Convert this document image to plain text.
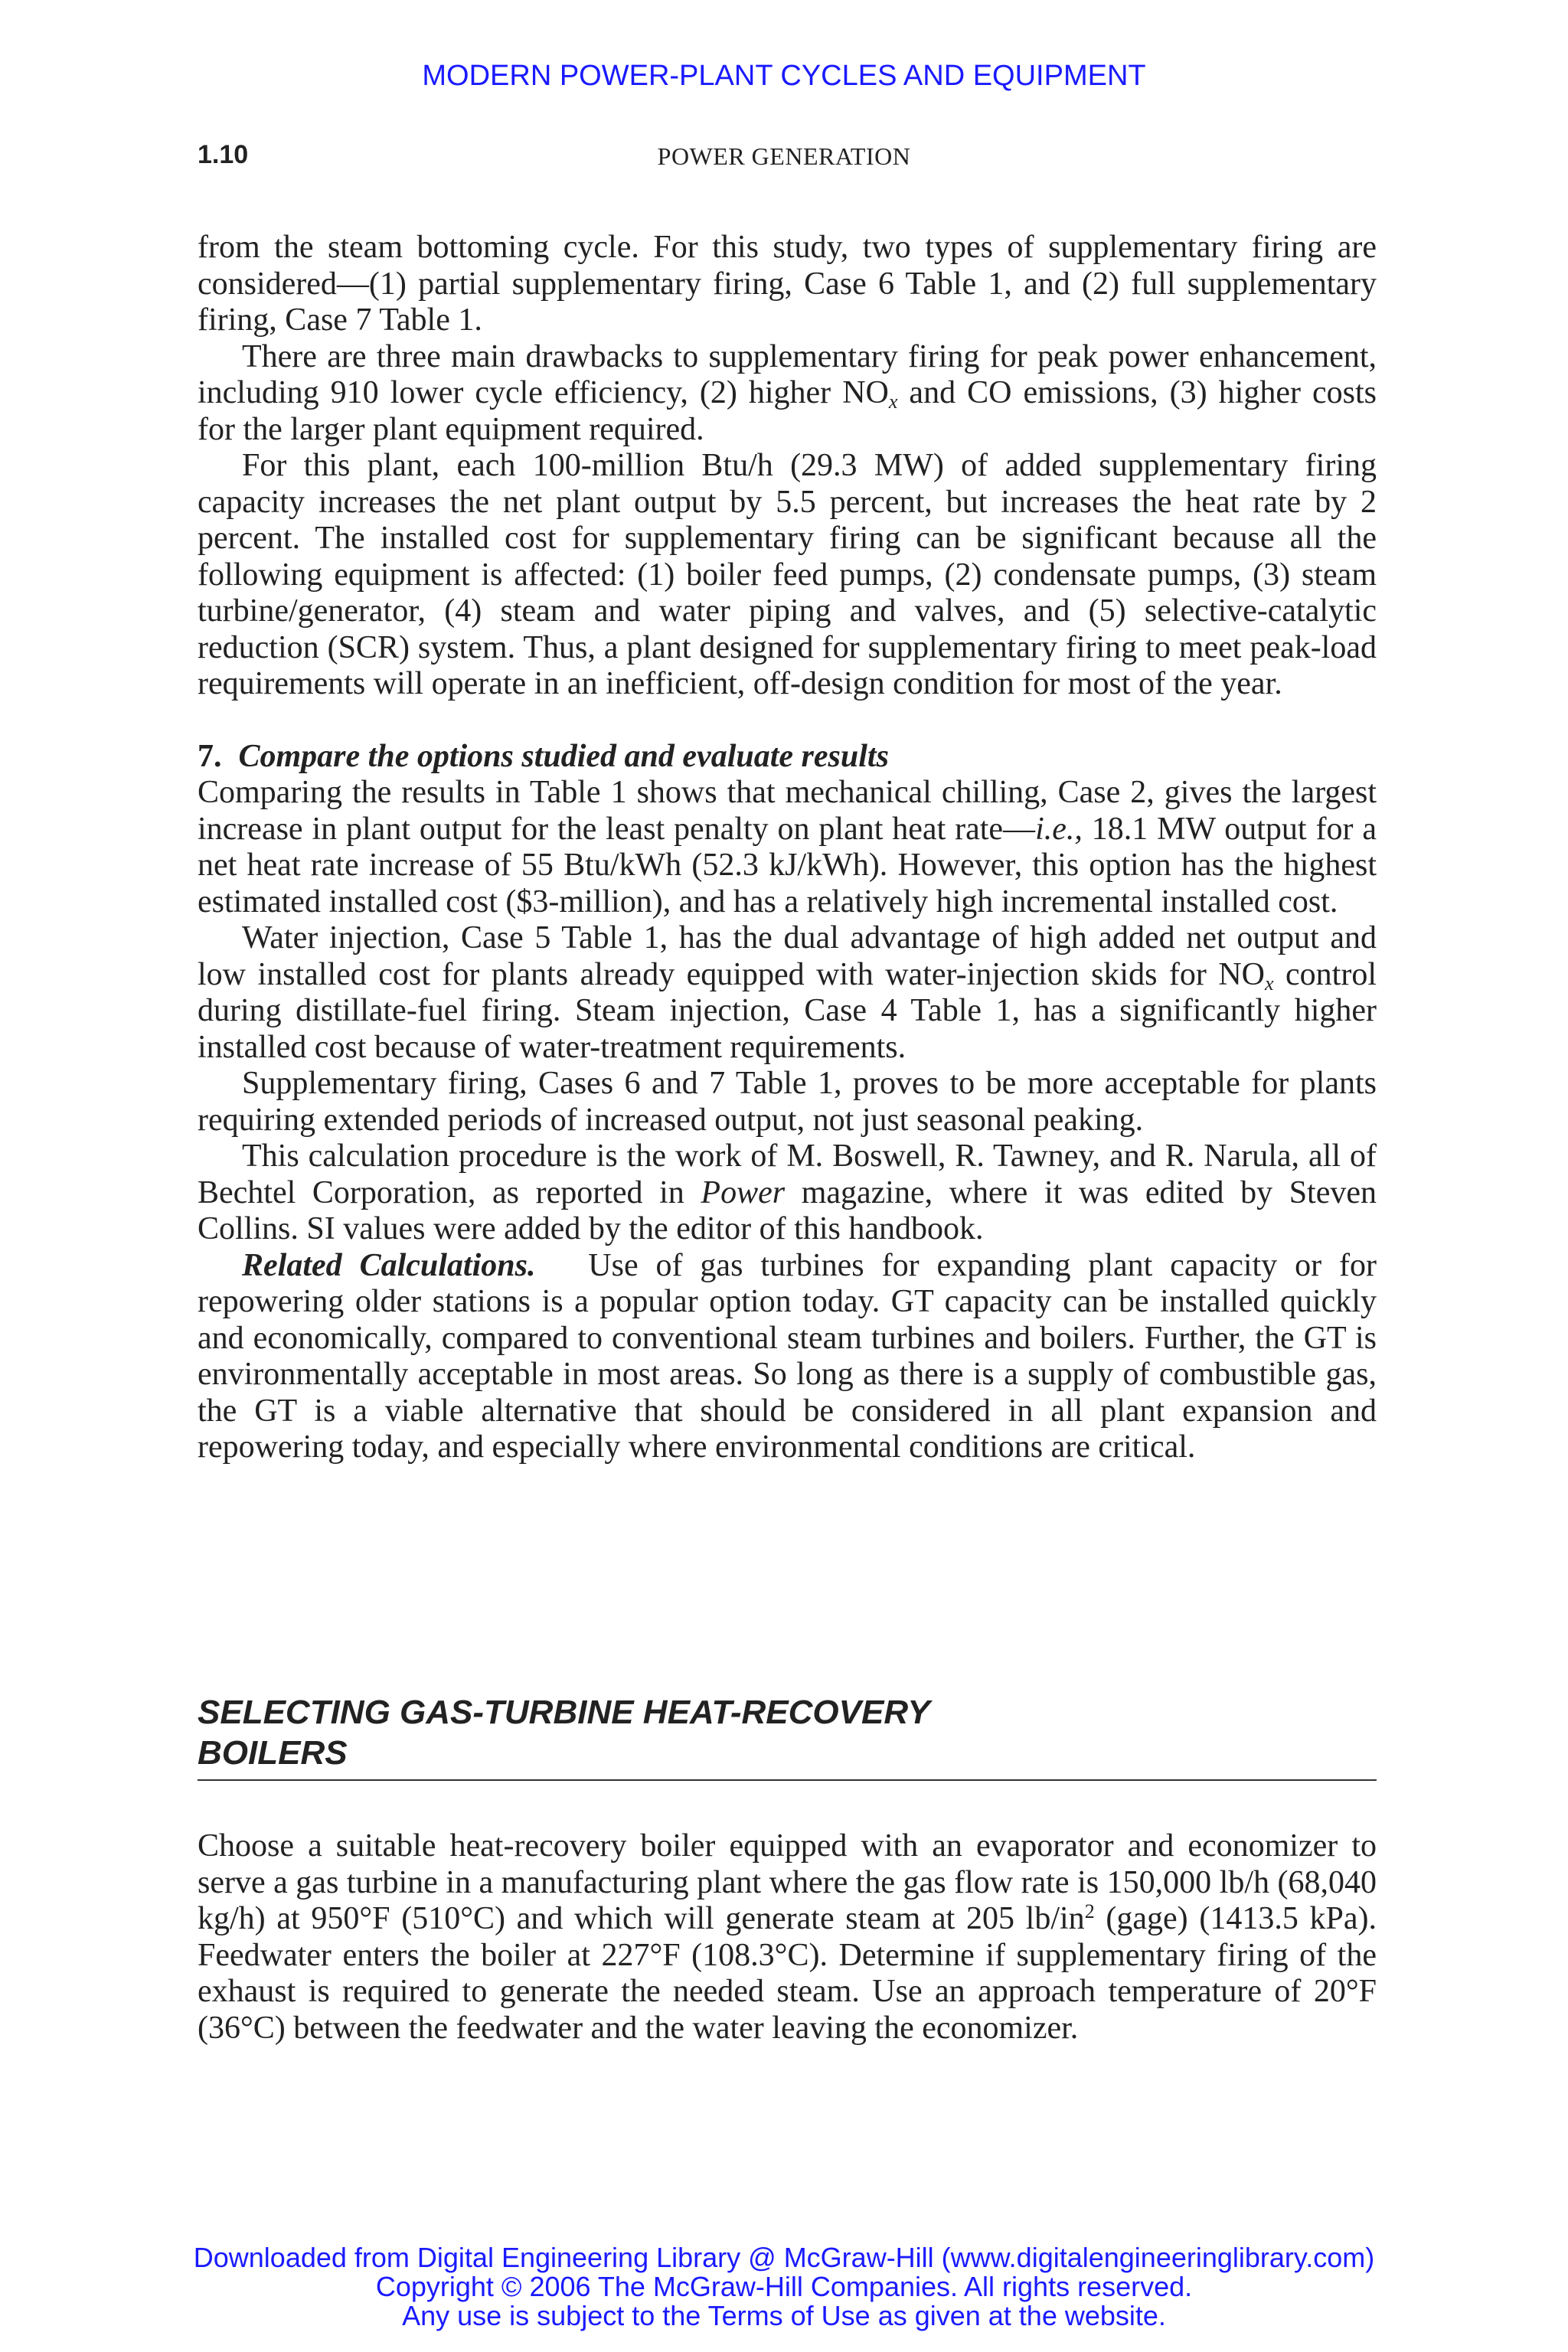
MODERN POWER-PLANT CYCLES AND EQUIPMENT
1.10	POWER GENERATION

from the steam bottoming cycle. For this study, two types of supplementary firing are considered—(1) partial supplementary firing, Case 6 Table 1, and (2) full supplementary firing, Case 7 Table 1.

There are three main drawbacks to supplementary firing for peak power enhancement, including 910 lower cycle efficiency, (2) higher $NO_x$ and CO emissions, (3) higher costs for the larger plant equipment required.

For this plant, each 100-million Btu/h (29.3 MW) of added supplementary firing capacity increases the net plant output by 5.5 percent, but increases the heat rate by 2 percent. The installed cost for supplementary firing can be significant because all the following equipment is affected: (1) boiler feed pumps, (2) condensate pumps, (3) steam turbine/generator, (4) steam and water piping and valves, and (5) selective-catalytic reduction (SCR) system. Thus, a plant designed for supplementary firing to meet peak-load requirements will operate in an inefficient, off-design condition for most of the year.

7. Compare the options studied and evaluate results

Comparing the results in Table 1 shows that mechanical chilling, Case 2, gives the largest increase in plant output for the least penalty on plant heat rate—i.e., 18.1 MW output for a net heat rate increase of 55 Btu/kWh (52.3 kJ/kWh). However, this option has the highest estimated installed cost ($3-million), and has a relatively high incremental installed cost.

Water injection, Case 5 Table 1, has the dual advantage of high added net output and low installed cost for plants already equipped with water-injection skids for $NO_x$ control during distillate-fuel firing. Steam injection, Case 4 Table 1, has a significantly higher installed cost because of water-treatment requirements.

Supplementary firing, Cases 6 and 7 Table 1, proves to be more acceptable for plants requiring extended periods of increased output, not just seasonal peaking.

This calculation procedure is the work of M. Boswell, R. Tawney, and R. Narula, all of Bechtel Corporation, as reported in Power magazine, where it was edited by Steven Collins. SI values were added by the editor of this handbook.

Related Calculations. Use of gas turbines for expanding plant capacity or for repowering older stations is a popular option today. GT capacity can be installed quickly and economically, compared to conventional steam turbines and boilers. Further, the GT is environmentally acceptable in most areas. So long as there is a supply of combustible gas, the GT is a viable alternative that should be considered in all plant expansion and repowering today, and especially where environmental conditions are critical.

SELECTING GAS-TURBINE HEAT-RECOVERY
BOILERS

Choose a suitable heat-recovery boiler equipped with an evaporator and economizer to serve a gas turbine in a manufacturing plant where the gas flow rate is 150,000 lb/h (68,040 kg/h) at 950°F (510°C) and which will generate steam at 205 $lb/in^2$ (gage) (1413.5 kPa). Feedwater enters the boiler at 227°F (108.3°C). Determine if supplementary firing of the exhaust is required to generate the needed steam. Use an approach temperature of 20°F (36°C) between the feedwater and the water leaving the economizer.

Downloaded from Digital Engineering Library @ McGraw-Hill (www.digitalengineeringlibrary.com)
Copyright © 2006 The McGraw-Hill Companies. All rights reserved.
Any use is subject to the Terms of Use as given at the website.
